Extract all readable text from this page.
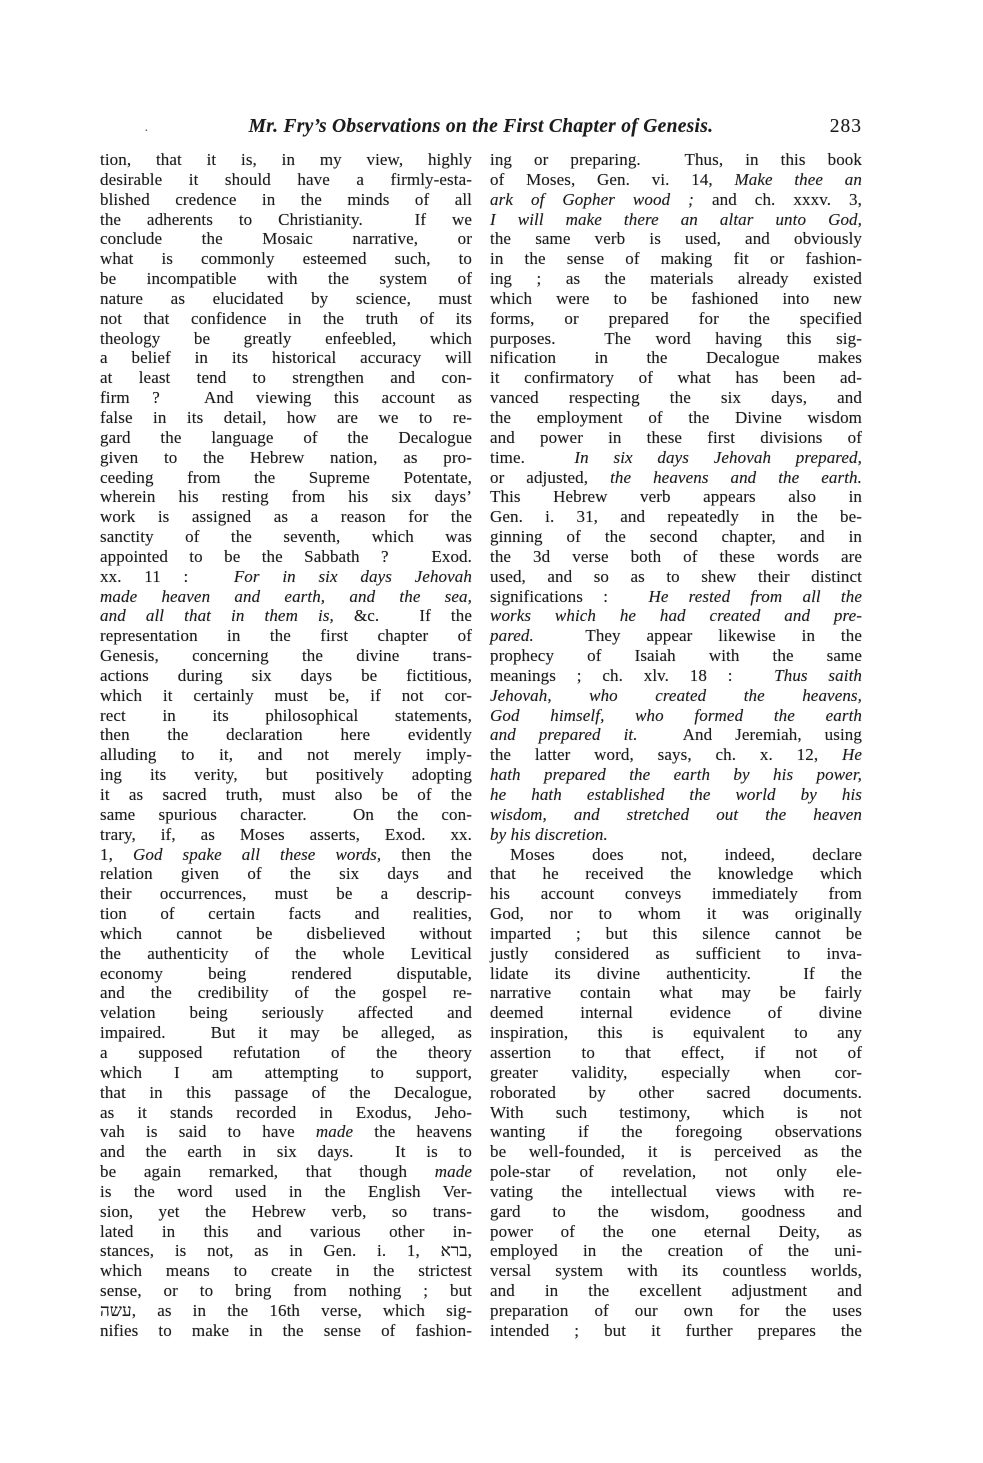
·	Mr. Fry’s Observations on the First Chapter of Genesis.	283
tion, that it is, in my view, highly
desirable it should have a firmly-esta-
blished credence in the minds of all
the adherents to Christianity.  If we
conclude the Mosaic narrative, or
what is commonly esteemed such, to
be incompatible with the system of
nature as elucidated by science, must
not that confidence in the truth of its
theology be greatly enfeebled, which
a belief in its historical accuracy will
at least tend to strengthen and con-
firm ?  And viewing this account as
false in its detail, how are we to re-
gard the language of the Decalogue
given to the Hebrew nation, as pro-
ceeding from the Supreme Potentate,
wherein his resting from his six days’
work is assigned as a reason for the
sanctity of the seventh, which was
appointed to be the Sabbath ?  Exod.
xx. 11 :  For in six days Jehovah
made heaven and earth, and the sea,
and all that in them is, &c.  If the
representation in the first chapter of
Genesis, concerning the divine trans-
actions during six days be fictitious,
which it certainly must be, if not cor-
rect in its philosophical statements,
then the declaration here evidently
alluding to it, and not merely imply-
ing its verity, but positively adopting
it as sacred truth, must also be of the
same spurious character.  On the con-
trary, if, as Moses asserts, Exod. xx.
1, God spake all these words, then the
relation given of the six days and
their occurrences, must be a descrip-
tion of certain facts and realities,
which cannot be disbelieved without
the authenticity of the whole Levitical
economy being rendered disputable,
and the credibility of the gospel re-
velation being seriously affected and
impaired.  But it may be alleged, as
a supposed refutation of the theory
which I am attempting to support,
that in this passage of the Decalogue,
as it stands recorded in Exodus, Jeho-
vah is said to have made the heavens
and the earth in six days.  It is to
be again remarked, that though made
is the word used in the English Ver-
sion, yet the Hebrew verb, so trans-
lated in this and various other in-
stances, is not, as in Gen. i. 1, ברא,
which means to create in the strictest
sense, or to bring from nothing ; but
עשה, as in the 16th verse, which sig-
nifies to make in the sense of fashion-
ing or preparing.  Thus, in this book
of Moses, Gen. vi. 14, Make thee an
ark of Gopher wood ; and ch. xxxv. 3,
I will make there an altar unto God,
the same verb is used, and obviously
in the sense of making fit or fashion-
ing ; as the materials already existed
which were to be fashioned into new
forms, or prepared for the specified
purposes.  The word having this sig-
nification in the Decalogue makes
it confirmatory of what has been ad-
vanced respecting the six days, and
the employment of the Divine wisdom
and power in these first divisions of
time.  In six days Jehovah prepared,
or adjusted, the heavens and the earth.
This Hebrew verb appears also in
Gen. i. 31, and repeatedly in the be-
ginning of the second chapter, and in
the 3d verse both of these words are
used, and so as to shew their distinct
significations :  He rested from all the
works which he had created and pre-
pared.  They appear likewise in the
prophecy of Isaiah with the same
meanings ; ch. xlv. 18 :  Thus saith
Jehovah, who created the heavens,
God himself, who formed the earth
and prepared it.  And Jeremiah, using
the latter word, says, ch. x. 12, He
hath prepared the earth by his power,
he hath established the world by his
wisdom, and stretched out the heaven
by his discretion.
Moses does not, indeed, declare
that he received the knowledge which
his account conveys immediately from
God, nor to whom it was originally
imparted ; but this silence cannot be
justly considered as sufficient to inva-
lidate its divine authenticity.  If the
narrative contain what may be fairly
deemed internal evidence of divine
inspiration, this is equivalent to any
assertion to that effect, if not of
greater validity, especially when cor-
roborated by other sacred documents.
With such testimony, which is not
wanting if the foregoing observations
be well-founded, it is perceived as the
pole-star of revelation, not only ele-
vating the intellectual views with re-
gard to the wisdom, goodness and
power of the one eternal Deity, as
employed in the creation of the uni-
versal system with its countless worlds,
and in the excellent adjustment and
preparation of our own for the uses
intended ; but it further prepares the
